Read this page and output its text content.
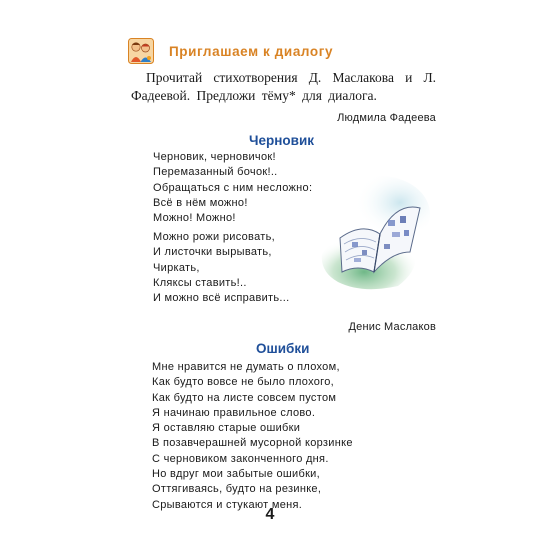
Приглашаем к диалогу

Прочитай стихотворения Д. Маслакова и Л. Фадеевой. Предложи тёму* для диалога.

Людмила Фадеева
Черновик
Черновик, черновичок!
Перемазанный бочок!..
Обращаться с ним несложно:
Всё в нём можно!
Можно! Можно!
Можно рожи рисовать,
И листочки вырывать,
Чиркать,
Кляксы ставить!..
И можно всё исправить...
Денис Маслаков
Ошибки
Мне нравится не думать о плохом,
Как будто вовсе не было плохого,
Как будто на листе совсем пустом
Я начинаю правильное слово.
Я оставляю старые ошибки
В позавчерашней мусорной корзинке
С черновиком законченного дня.
Но вдруг мои забытые ошибки,
Оттягиваясь, будто на резинке,
Срываются и стукают меня.
4
